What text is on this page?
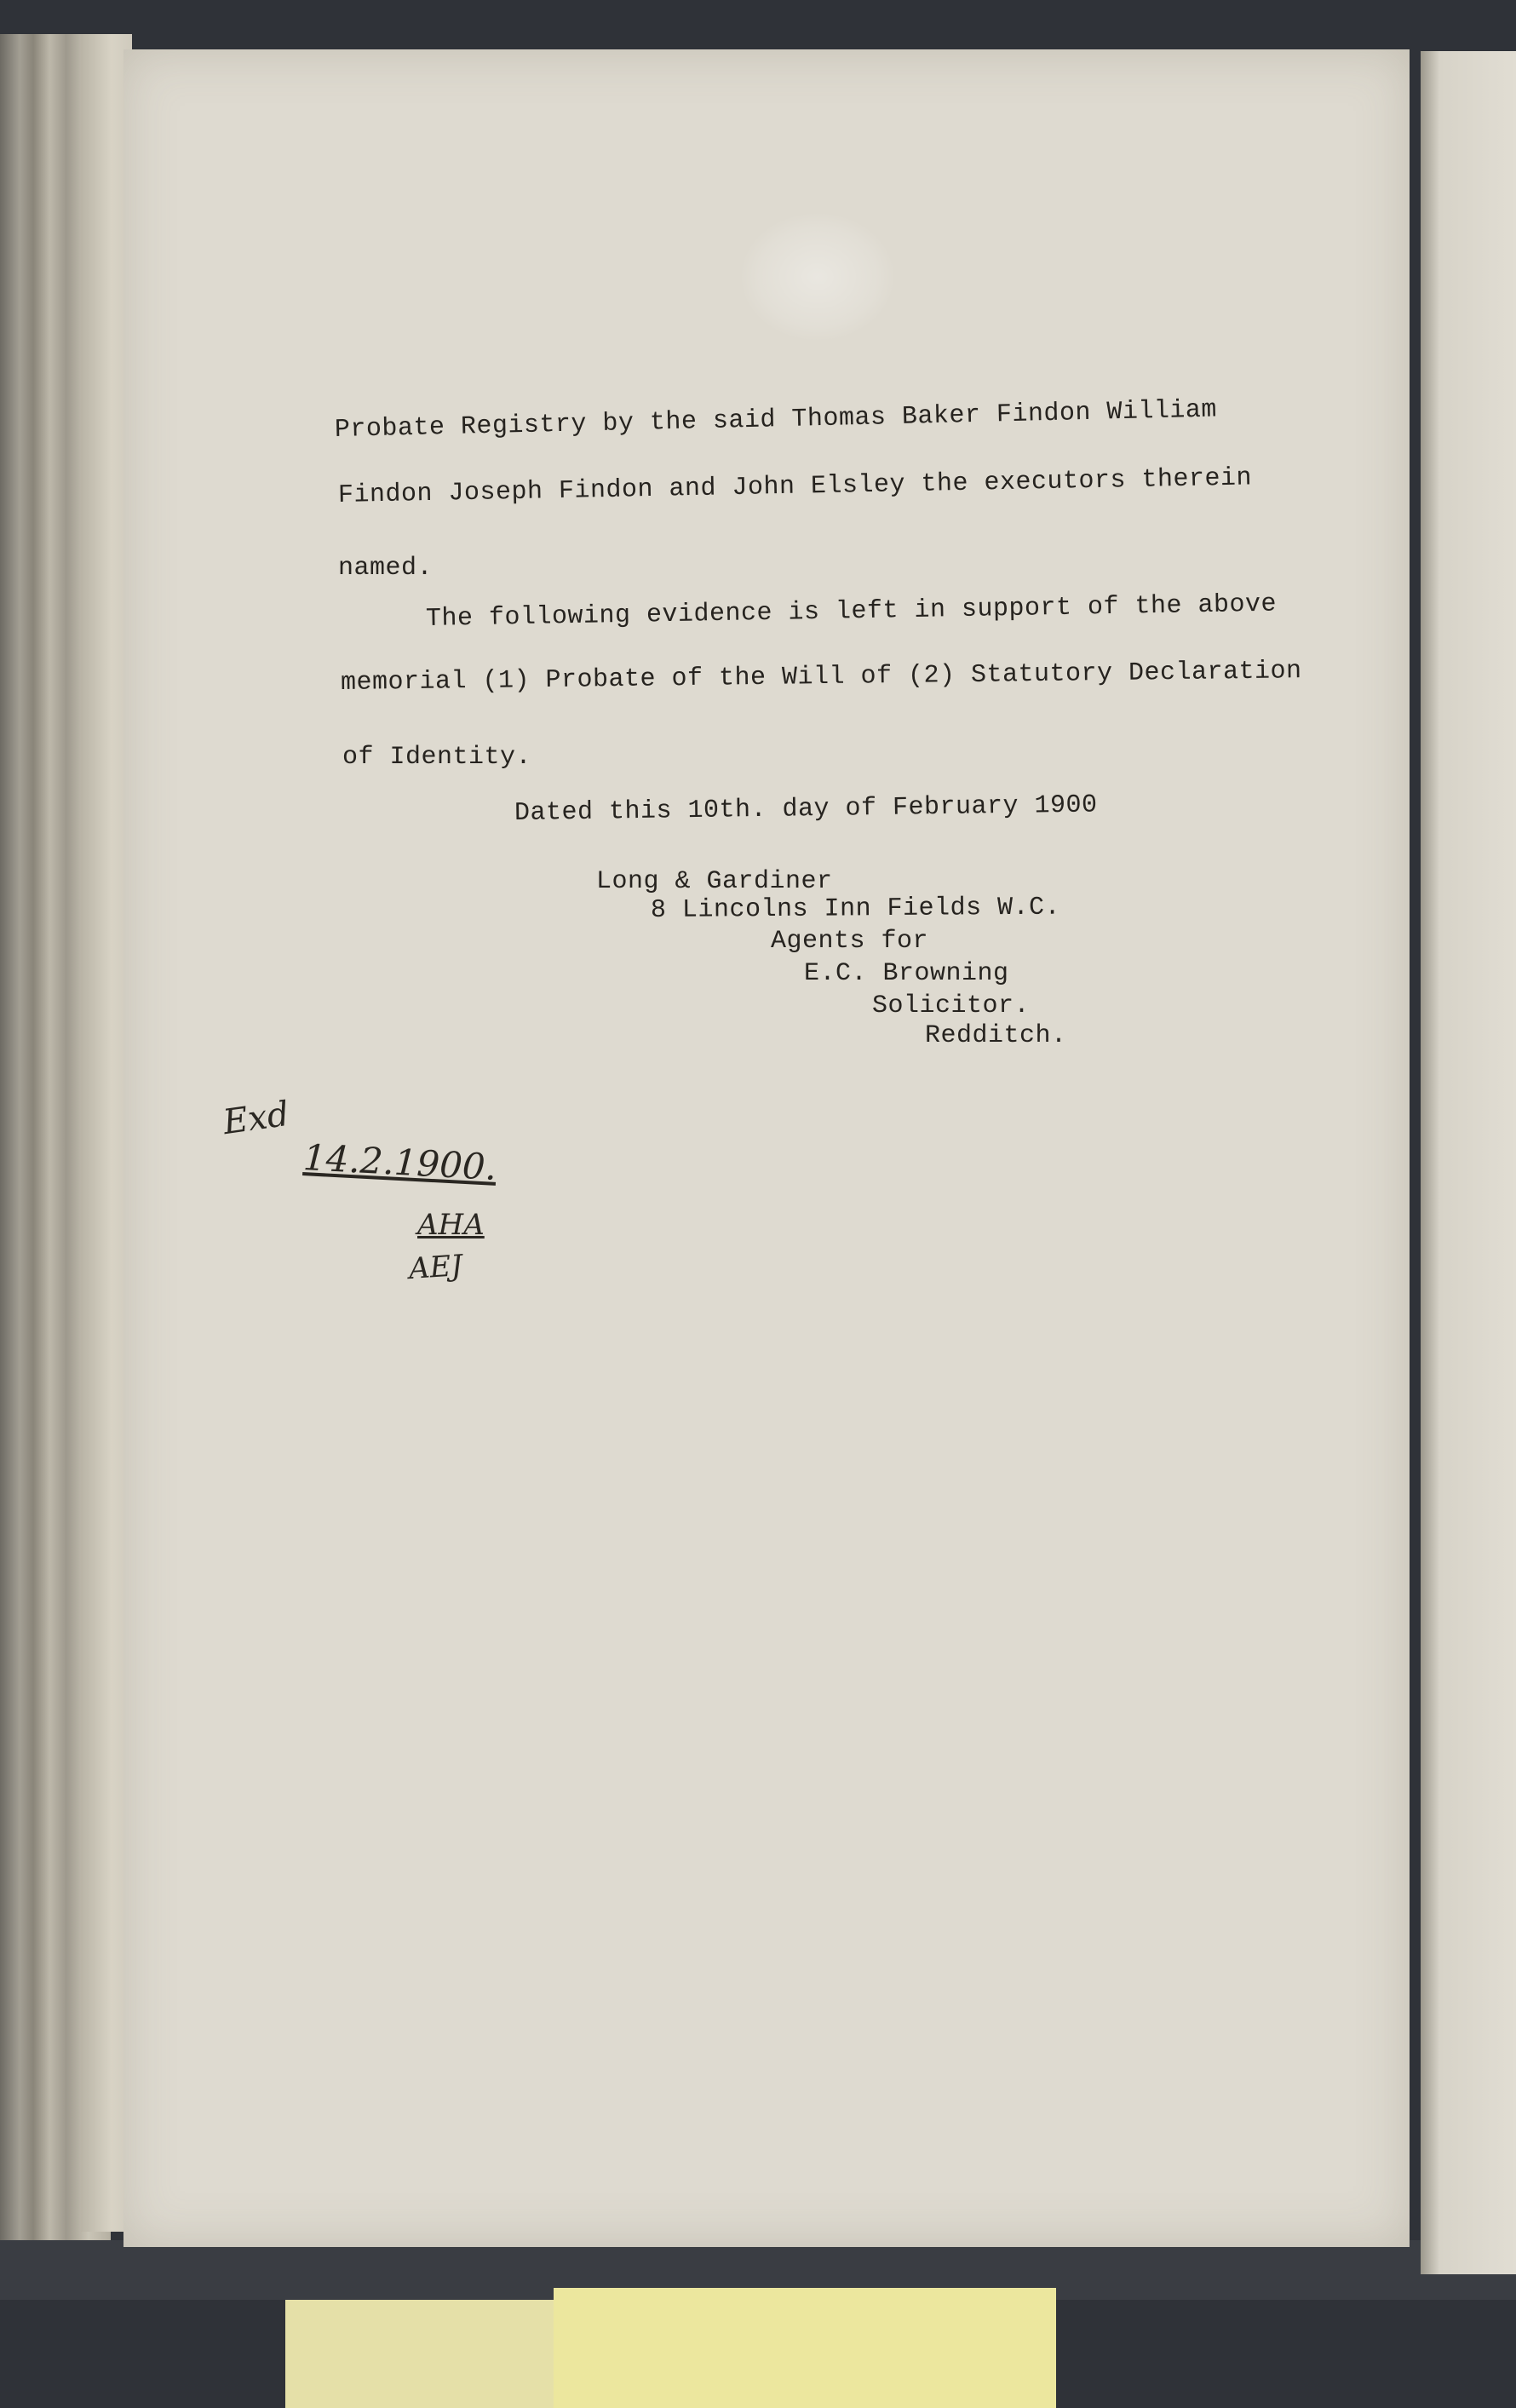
Probate Registry by the said Thomas Baker Findon William
Findon Joseph Findon and John Elsley the executors therein
named.
The following evidence is left in support of the above
memorial (1) Probate of the Will of (2) Statutory Declaration
of Identity.
Dated this 10th. day of February 1900
Long & Gardiner
8 Lincolns Inn Fields W.C.
Agents for
E.C. Browning
Solicitor.
Redditch.
Exd
14.2.1900.
AHA
AEJ
